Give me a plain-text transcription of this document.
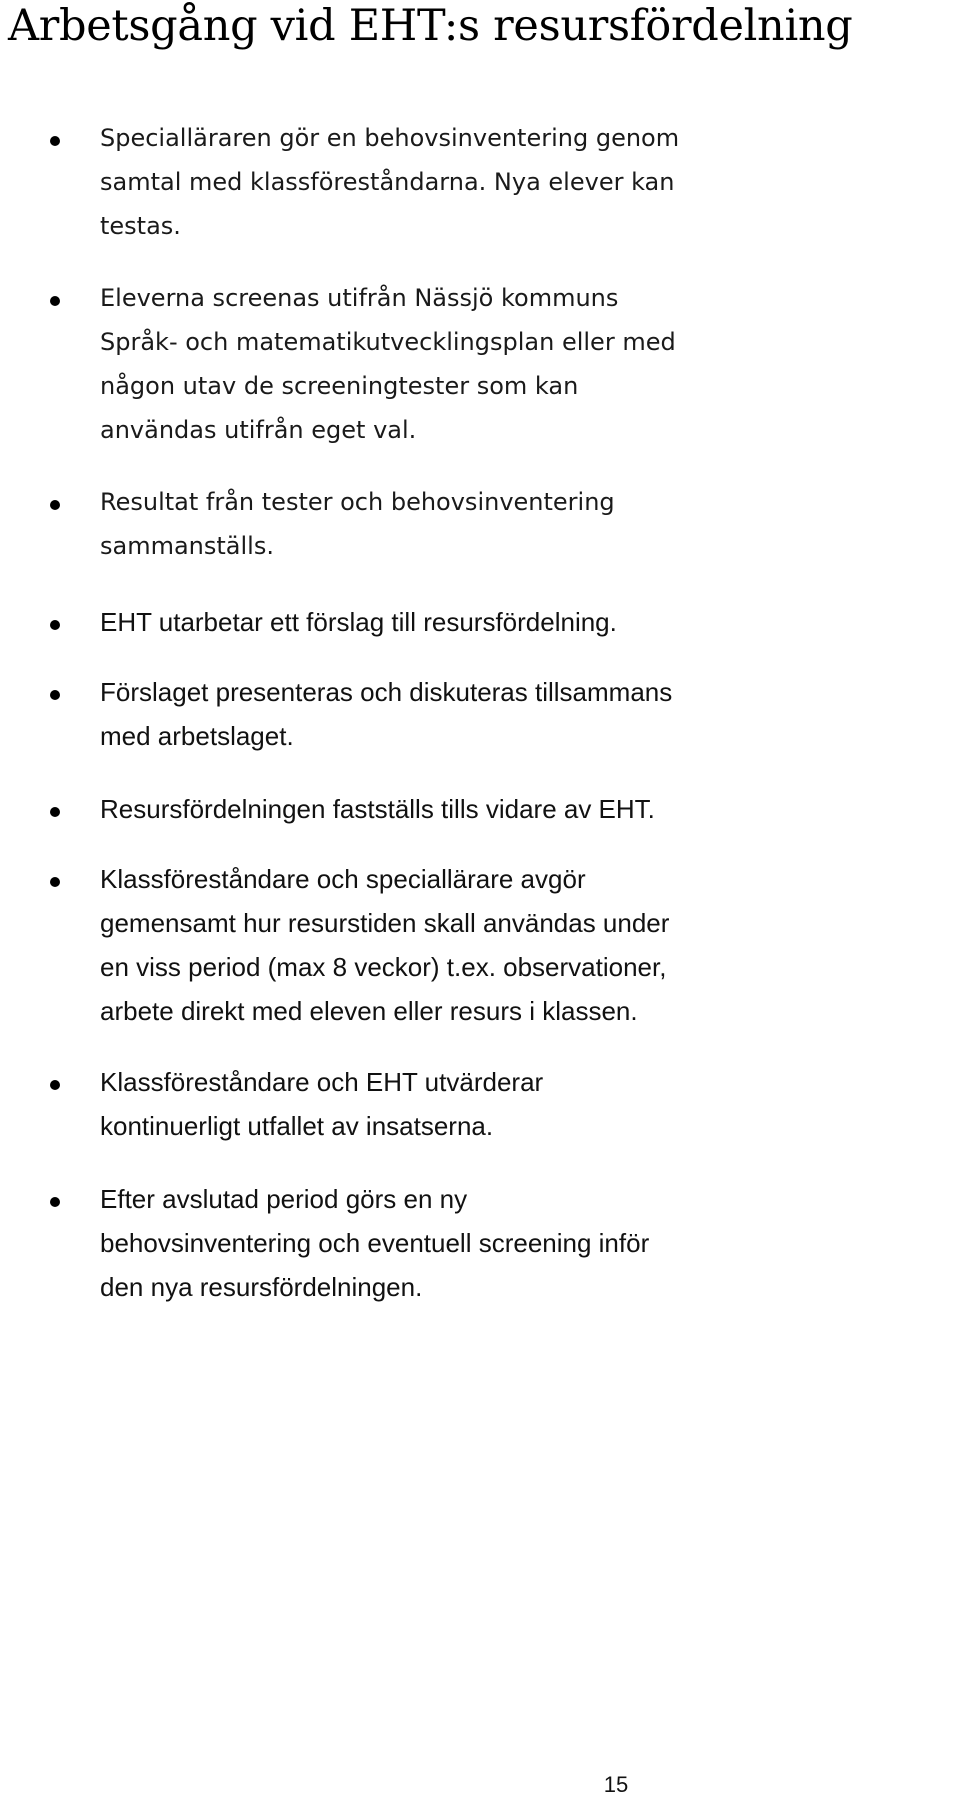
Arbetsgång vid EHT:s resursfördelning

Specialläraren gör en behovsinventering genom
samtal med klassföreståndarna. Nya elever kan
testas.

Eleverna screenas utifrån Nässjö kommuns
Språk- och matematikutvecklingsplan eller med
någon utav de screeningtester som kan
användas utifrån eget val.

Resultat från tester och behovsinventering
sammanställs.

EHT utarbetar ett förslag till resursfördelning.

Förslaget presenteras och diskuteras tillsammans
med arbetslaget.

Resursfördelningen fastställs tills vidare av EHT.

Klassföreståndare och speciallärare avgör
gemensamt hur resurstiden skall användas under
en viss period (max 8 veckor) t.ex. observationer,
arbete direkt med eleven eller resurs i klassen.

Klassföreståndare och EHT utvärderar
kontinuerligt utfallet av insatserna.

Efter avslutad period görs en ny
behovsinventering och eventuell screening inför
den nya resursfördelningen.

15
